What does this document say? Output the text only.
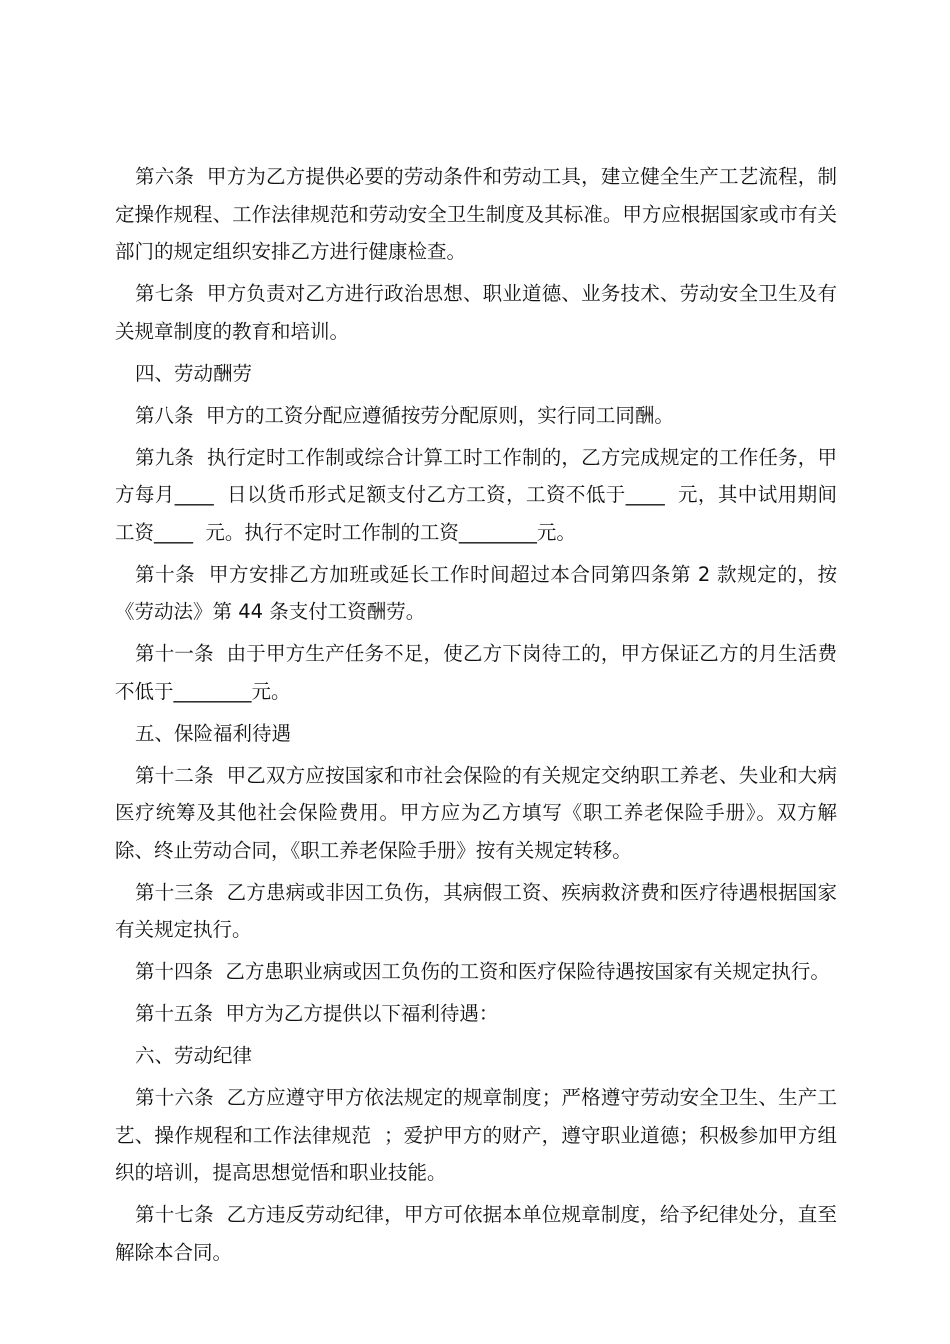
第六条  甲方为乙方提供必要的劳动条件和劳动工具，建立健全生产工艺流程，制定操作规程、工作法律规范和劳动安全卫生制度及其标准。甲方应根据国家或市有关部门的规定组织安排乙方进行健康检查。

第七条  甲方负责对乙方进行政治思想、职业道德、业务技术、劳动安全卫生及有关规章制度的教育和培训。

四、劳动酬劳

第八条  甲方的工资分配应遵循按劳分配原则，实行同工同酬。

第九条  执行定时工作制或综合计算工时工作制的，乙方完成规定的工作任务，甲方每月____  日以货币形式足额支付乙方工资，工资不低于____  元，其中试用期间工资____  元。执行不定时工作制的工资________元。

第十条  甲方安排乙方加班或延长工作时间超过本合同第四条第 2 款规定的，按《劳动法》第 44 条支付工资酬劳。

第十一条  由于甲方生产任务不足，使乙方下岗待工的，甲方保证乙方的月生活费不低于________元。

五、保险福利待遇

第十二条  甲乙双方应按国家和市社会保险的有关规定交纳职工养老、失业和大病医疗统筹及其他社会保险费用。甲方应为乙方填写《职工养老保险手册》。双方解除、终止劳动合同，《职工养老保险手册》按有关规定转移。

第十三条  乙方患病或非因工负伤，其病假工资、疾病救济费和医疗待遇根据国家有关规定执行。

第十四条  乙方患职业病或因工负伤的工资和医疗保险待遇按国家有关规定执行。

第十五条  甲方为乙方提供以下福利待遇：

六、劳动纪律

第十六条  乙方应遵守甲方依法规定的规章制度；严格遵守劳动安全卫生、生产工艺、操作规程和工作法律规范  ；爱护甲方的财产，遵守职业道德；积极参加甲方组织的培训，提高思想觉悟和职业技能。

第十七条  乙方违反劳动纪律，甲方可依据本单位规章制度，给予纪律处分，直至解除本合同。
